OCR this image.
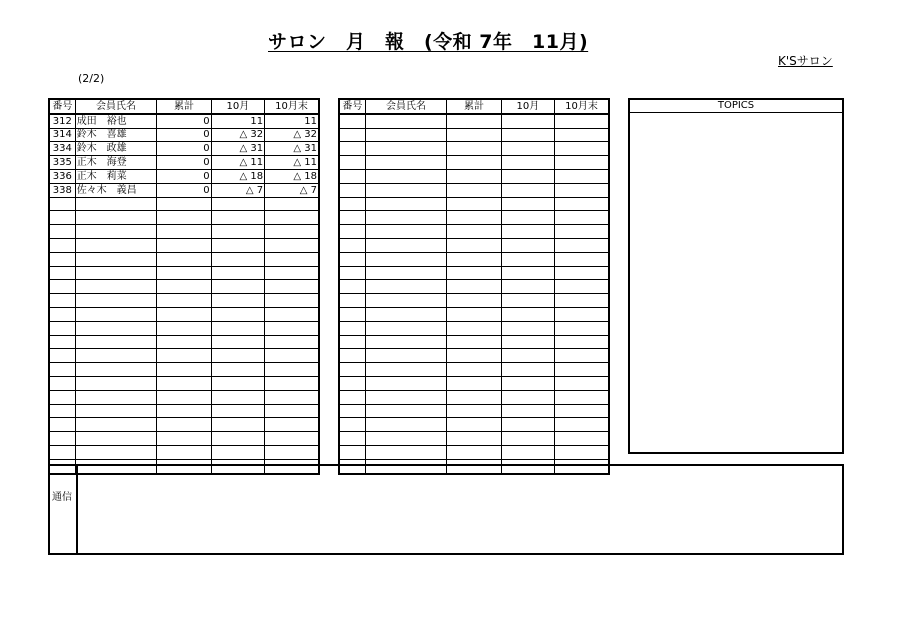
サロン　月　報　(令和 7年　11月)
K'Sサロン
(2/2)
番号	会員氏名	累計	10月	10月末
312	成田　裕也	0	11	11
314	鈴木　喜雄	0	△ 32	△ 32
334	鈴木　政雄	0	△ 31	△ 31
335	正木　海登	0	△ 11	△ 11
336	正木　莉菜	0	△ 18	△ 18
338	佐々木　義昌	0	△ 7	△ 7

番号	会員氏名	累計	10月	10月末

					TOPICS
通信
